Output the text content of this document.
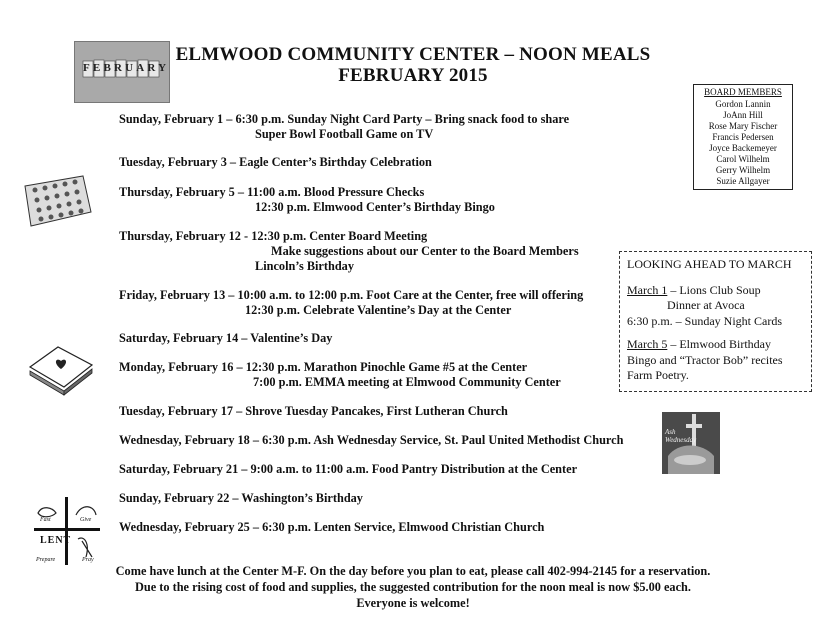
ELMWOOD COMMUNITY CENTER – NOON MEALS
FEBRUARY 2015
FEBRUARY
BOARD MEMBERS
Gordon Lannin
JoAnn Hill
Rose Mary Fischer
Francis Pedersen
Joyce Backemeyer
Carol Wilhelm
Gerry Wilhelm
Suzie Allgayer
Sunday, February 1 – 6:30 p.m. Sunday Night Card Party – Bring snack food to share
Super Bowl Football Game on TV
Tuesday, February 3 – Eagle Center’s Birthday Celebration
Thursday, February 5 – 11:00 a.m. Blood Pressure Checks
12:30 p.m. Elmwood Center’s Birthday Bingo
Thursday, February 12 - 12:30 p.m. Center Board Meeting
Make suggestions about our Center to the Board Members
Lincoln’s Birthday
Friday, February 13 – 10:00 a.m. to 12:00 p.m. Foot Care at the Center, free will offering
12:30 p.m. Celebrate Valentine’s Day at the Center
Saturday, February 14 – Valentine’s Day
Monday, February 16 – 12:30 p.m. Marathon Pinochle Game #5 at the Center
7:00 p.m. EMMA meeting at Elmwood Community Center
Tuesday, February 17 – Shrove Tuesday Pancakes, First Lutheran Church
Wednesday, February 18 – 6:30 p.m. Ash Wednesday Service, St. Paul United Methodist Church
Saturday, February 21 – 9:00 a.m. to 11:00 a.m. Food Pantry Distribution at the Center
Sunday, February 22 – Washington’s Birthday
Wednesday, February 25 – 6:30 p.m. Lenten Service, Elmwood Christian Church
LOOKING AHEAD TO MARCH

March 1 – Lions Club Soup
Dinner at Avoca
6:30 p.m. – Sunday Night Cards

March 5 – Elmwood Birthday
Bingo and “Tractor Bob” recites
Farm Poetry.

Ash
Wednesday
LENT
Fast	Give
Prepare	Pray
Come have lunch at the Center M-F. On the day before you plan to eat, please call 402-994-2145 for a reservation.
Due to the rising cost of food and supplies, the suggested contribution for the noon meal is now $5.00 each.
Everyone is welcome!
